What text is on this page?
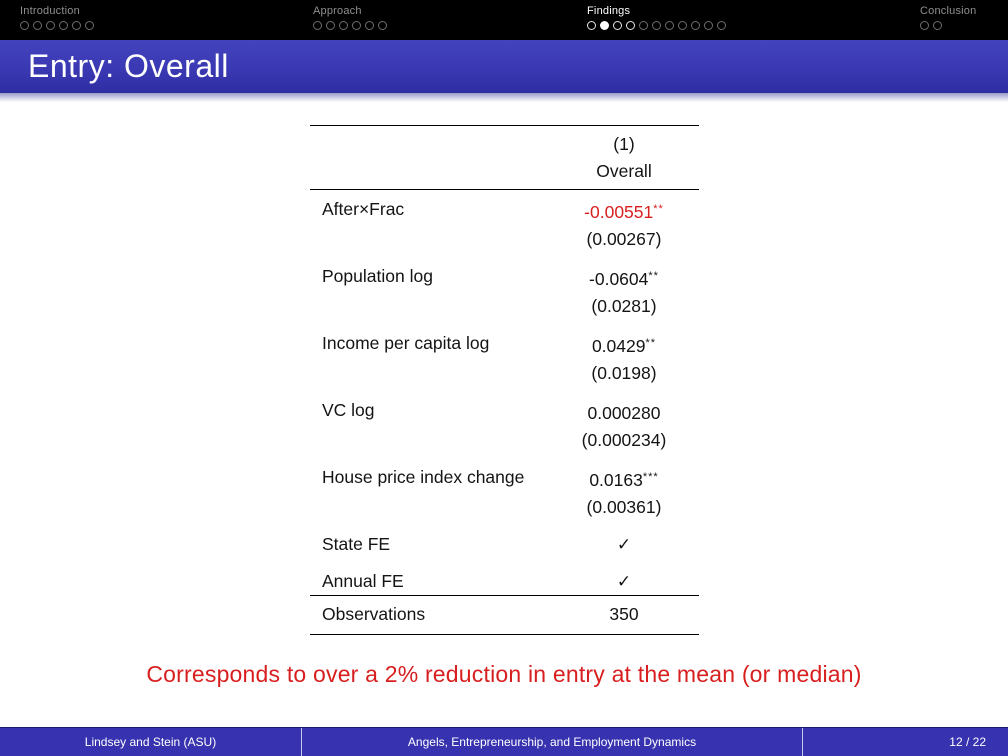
Introduction	Approach	Findings	Conclusion
Entry: Overall
(1)
Overall
After×Frac	-0.00551**
(0.00267)
Population log	-0.0604**
(0.0281)
Income per capita log	0.0429**
(0.0198)
VC log	0.000280
(0.000234)
House price index change	0.0163***
(0.00361)
State FE	✓
Annual FE	✓
Observations	350
Corresponds to over a 2% reduction in entry at the mean (or median)
Lindsey and Stein (ASU)	Angels, Entrepreneurship, and Employment Dynamics	12 / 22
